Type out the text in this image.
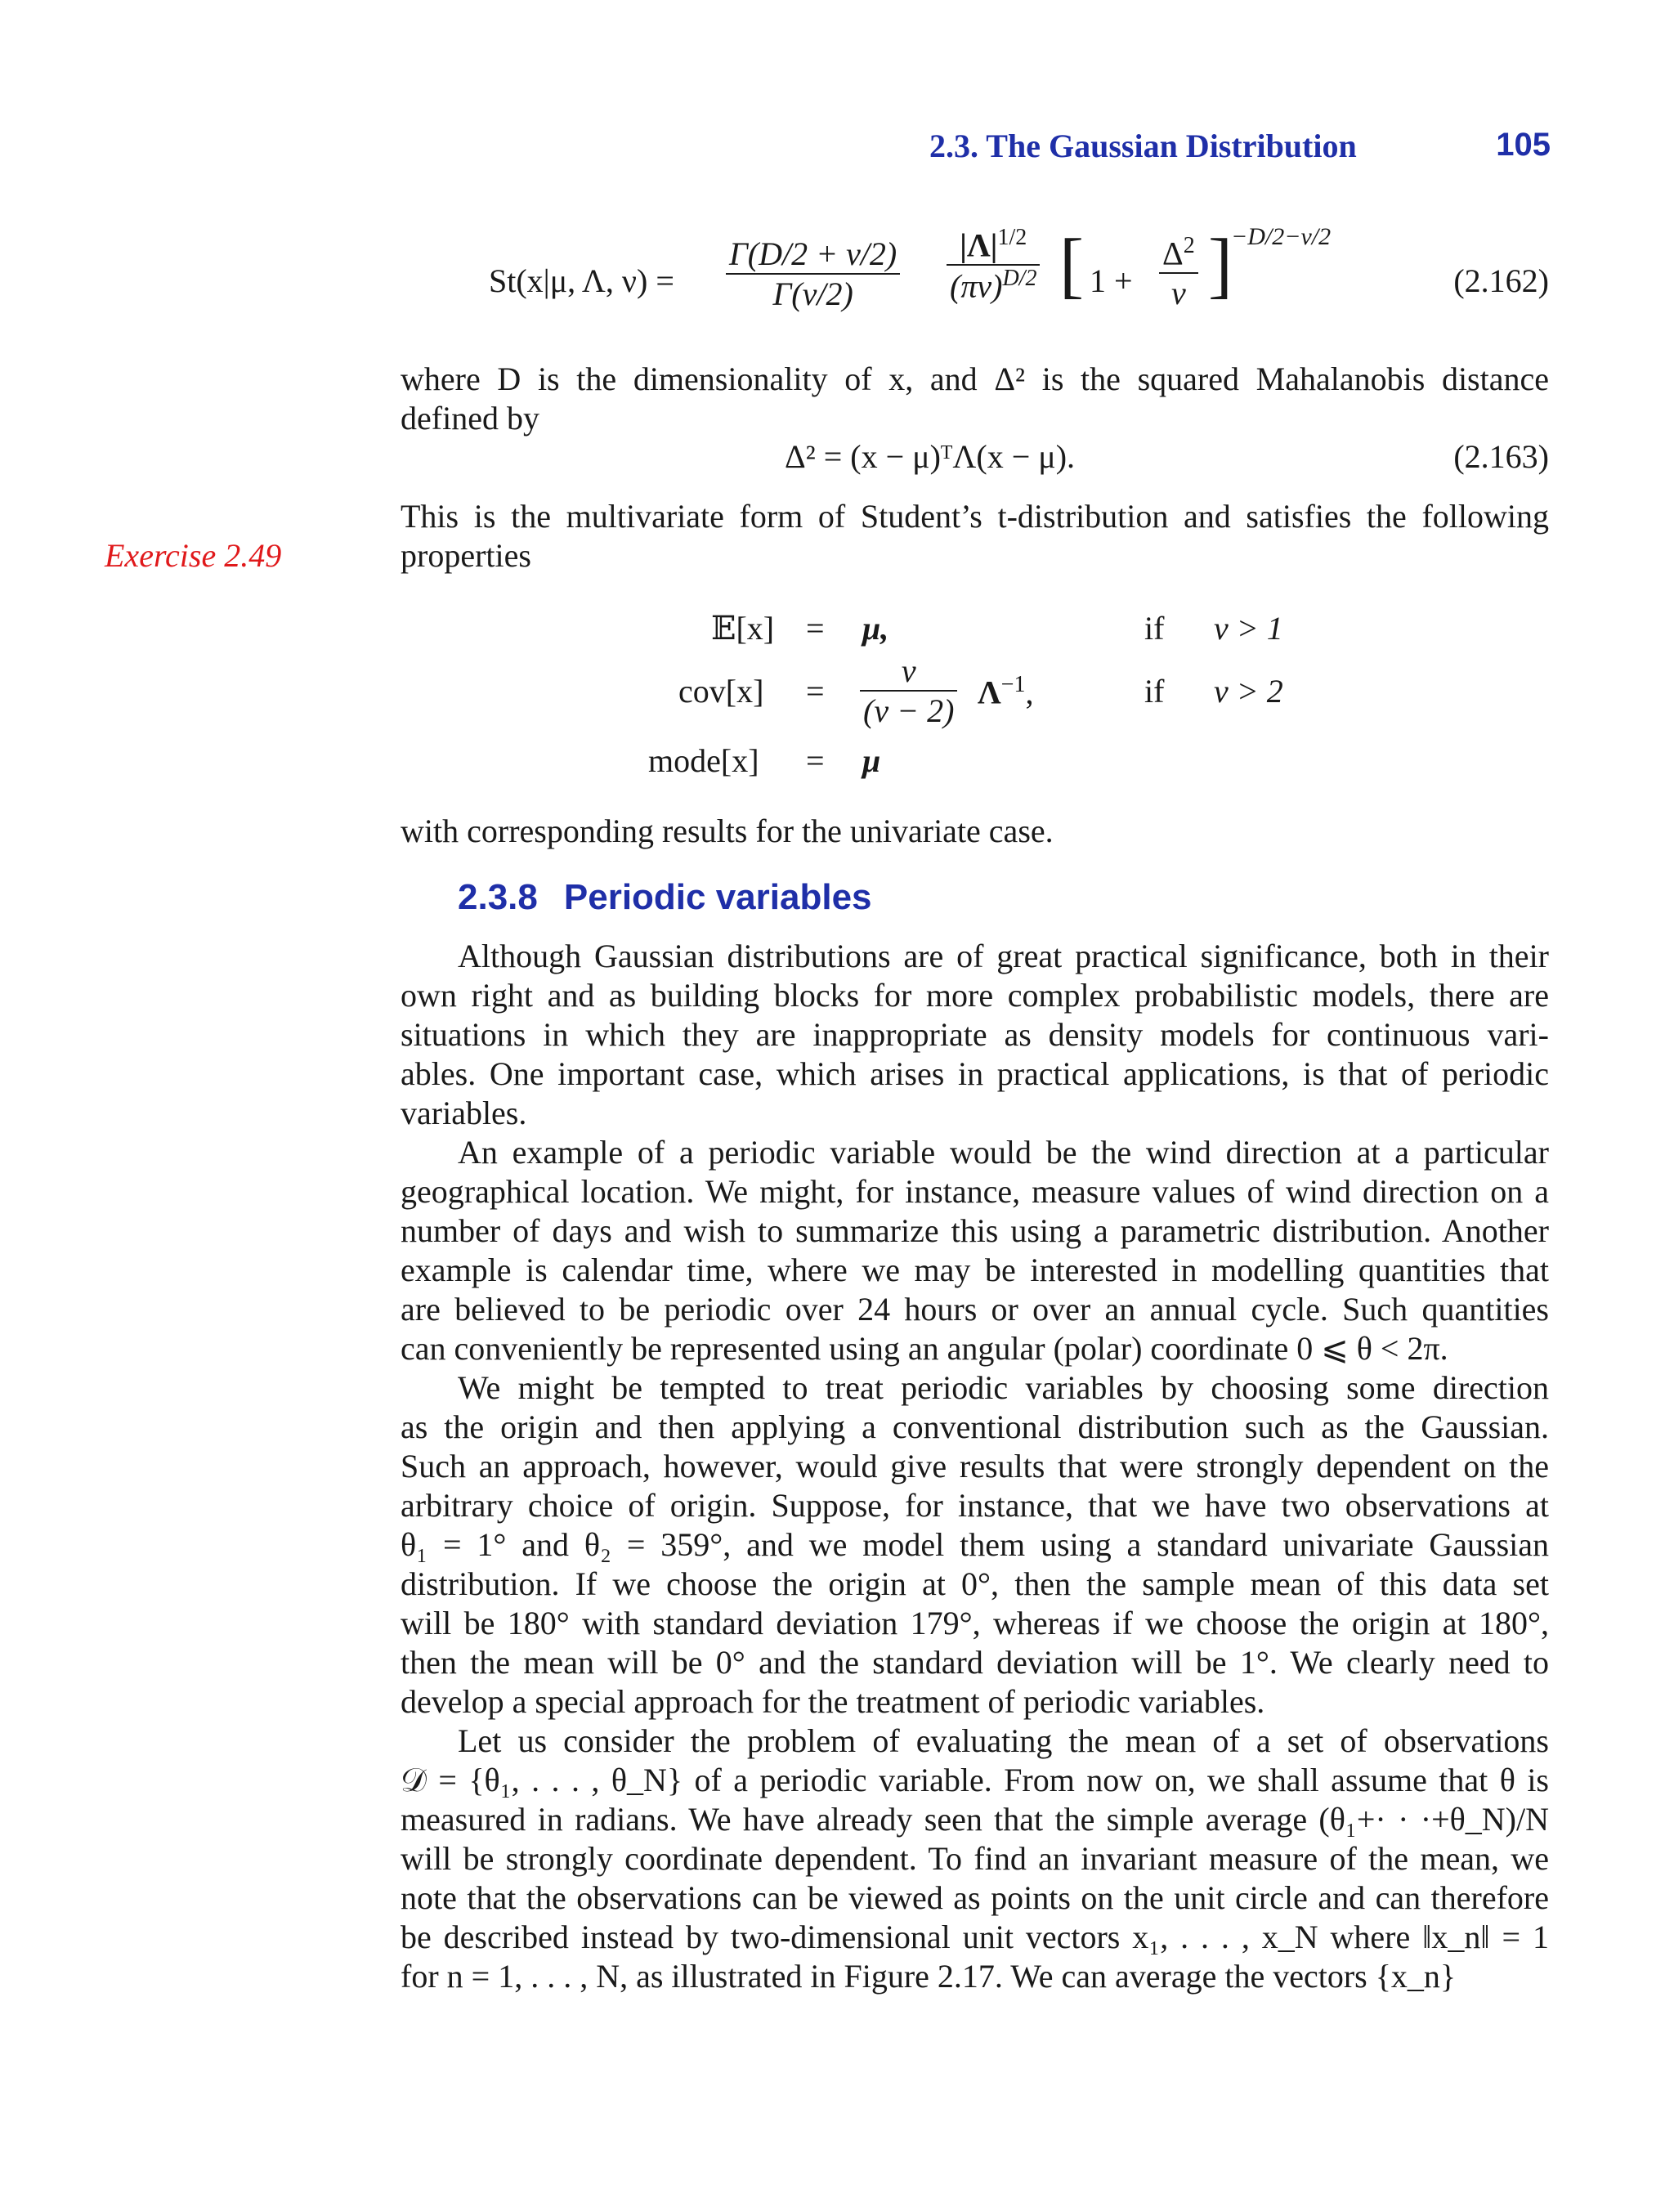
2.3. The Gaussian Distribution	105
St(x|μ, Λ, $\nu) = \frac{\Gamma(D/2 + \nu/2)}{\Gamma(\nu/2)} \frac{|\Lambda|^{1/2}}{(\pi\nu)^{D/2}}$ [ $1 + \frac{\Delta^2}{\nu}$ ]
−D/2−ν/2
(2.162)
where D is the dimensionality of x, and Δ² is the squared Mahalanobis distance
defined by
Δ² = (x − μ)ᵀΛ(x − μ).	(2.163)
Exercise 2.49
This is the multivariate form of Student’s t-distribution and satisfies the following
properties
𝔼[x] = μ,	if ν > 1
$cov[x] = \frac{\nu}{(\nu - 2)} \Lambda^{-1}$,	if ν > 2
mode[x] = μ
with corresponding results for the univariate case.
2.3.8 Periodic variables
Although Gaussian distributions are of great practical significance, both in their
own right and as building blocks for more complex probabilistic models, there are
situations in which they are inappropriate as density models for continuous vari-
ables. One important case, which arises in practical applications, is that of periodic
variables.
An example of a periodic variable would be the wind direction at a particular
geographical location. We might, for instance, measure values of wind direction on a
number of days and wish to summarize this using a parametric distribution. Another
example is calendar time, where we may be interested in modelling quantities that
are believed to be periodic over 24 hours or over an annual cycle. Such quantities
can conveniently be represented using an angular (polar) coordinate 0 ⩽ θ < 2π.
We might be tempted to treat periodic variables by choosing some direction
as the origin and then applying a conventional distribution such as the Gaussian.
Such an approach, however, would give results that were strongly dependent on the
arbitrary choice of origin. Suppose, for instance, that we have two observations at
θ₁ = 1° and θ₂ = 359°, and we model them using a standard univariate Gaussian
distribution. If we choose the origin at 0°, then the sample mean of this data set
will be 180° with standard deviation 179°, whereas if we choose the origin at 180°,
then the mean will be 0° and the standard deviation will be 1°. We clearly need to
develop a special approach for the treatment of periodic variables.
Let us consider the problem of evaluating the mean of a set of observations
𝒟 = {θ₁, . . . , θ_N} of a periodic variable. From now on, we shall assume that θ is
measured in radians. We have already seen that the simple average (θ₁+· · ·+θ_N)/N
will be strongly coordinate dependent. To find an invariant measure of the mean, we
note that the observations can be viewed as points on the unit circle and can therefore
be described instead by two-dimensional unit vectors x₁, . . . , x_N where ‖x_n‖ = 1
for n = 1, . . . , N, as illustrated in Figure 2.17. We can average the vectors {x_n}
